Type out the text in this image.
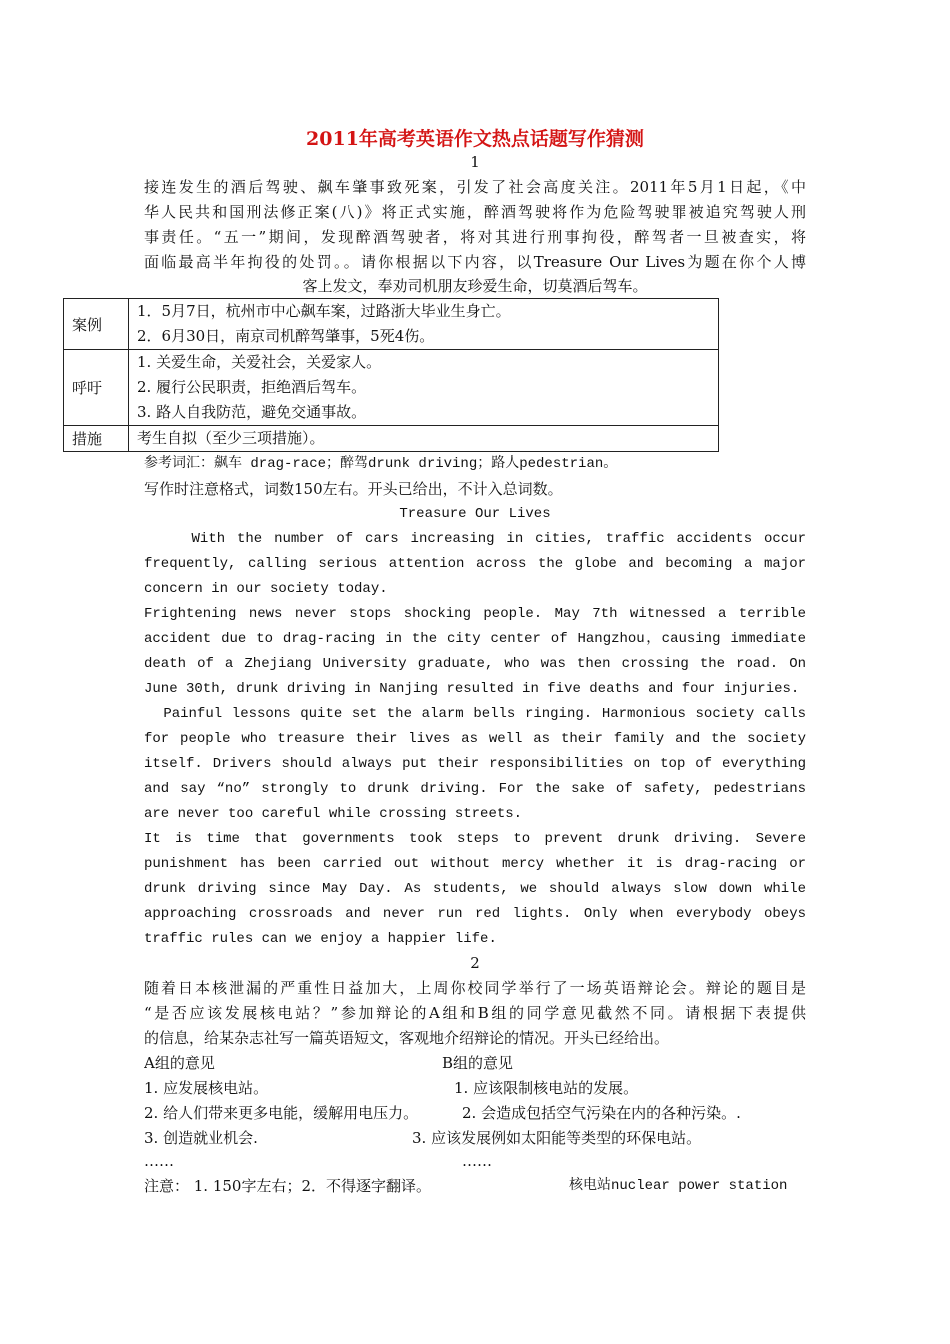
2011年高考英语作文热点话题写作猜测
1
接连发生的酒后驾驶、飙车肇事致死案，引发了社会高度关注。2011年5月1日起，《中
华人民共和国刑法修正案(八)》将正式实施，醉酒驾驶将作为危险驾驶罪被追究驾驶人刑
事责任。“五一”期间，发现醉酒驾驶者，将对其进行刑事拘役，醉驾者一旦被查实，将
面临最高半年拘役的处罚。。请你根据以下内容，以Treasure Our Lives为题在你个人博
客上发文，奉劝司机朋友珍爱生命，切莫酒后驾车。
参考词汇：飙车 drag-race；醉驾drunk driving；路人pedestrian。
写作时注意格式，词数150左右。开头已给出，不计入总词数。
Treasure Our Lives
With the number of cars increasing in cities, traffic accidents occur
frequently, calling serious attention across the globe and becoming a major
concern in our society today.
Frightening news never stops shocking people. May 7th witnessed a terrible
accident due to drag-racing in the city center of Hangzhou，causing immediate
death of a Zhejiang University graduate, who was then crossing the road. On
June 30th, drunk driving in Nanjing resulted in five deaths and four injuries.
Painful lessons quite set the alarm bells ringing. Harmonious society calls
for people who treasure their lives as well as their family and the society
itself. Drivers should always put their responsibilities on top of everything
and say “no” strongly to drunk driving. For the sake of safety, pedestrians
are never too careful while crossing streets.
It is time that governments took steps to prevent drunk driving. Severe
punishment has been carried out without mercy whether it is drag-racing or
drunk driving since May Day. As students, we should always slow down while
approaching crossroads and never run red lights. Only when everybody obeys
traffic rules can we enjoy a happier life.
2
随着日本核泄漏的严重性日益加大，上周你校同学举行了一场英语辩论会。辩论的题目是
“是否应该发展核电站？”参加辩论的A组和B组的同学意见截然不同。请根据下表提供
的信息，给某杂志社写一篇英语短文，客观地介绍辩论的情况。开头已经给出。
A组的意见	B组的意见
1. 应发展核电站。	1. 应该限制核电站的发展。
2. 给人们带来更多电能，缓解用电压力。	2. 会造成包括空气污染在内的各种污染。.
3. 创造就业机会.	3. 应该发展例如太阳能等类型的环保电站。
……	……
注意： 1. 150字左右；2．不得逐字翻译。	核电站nuclear power station
案例	1．5月7日，杭州市中心飙车案，过路浙大毕业生身亡。
2．6月30日，南京司机醉驾肇事，5死4伤。

呼吁	1. 关爱生命，关爱社会，关爱家人。
2. 履行公民职责，拒绝酒后驾车。
3. 路人自我防范，避免交通事故。

措施	考生自拟（至少三项措施）。
